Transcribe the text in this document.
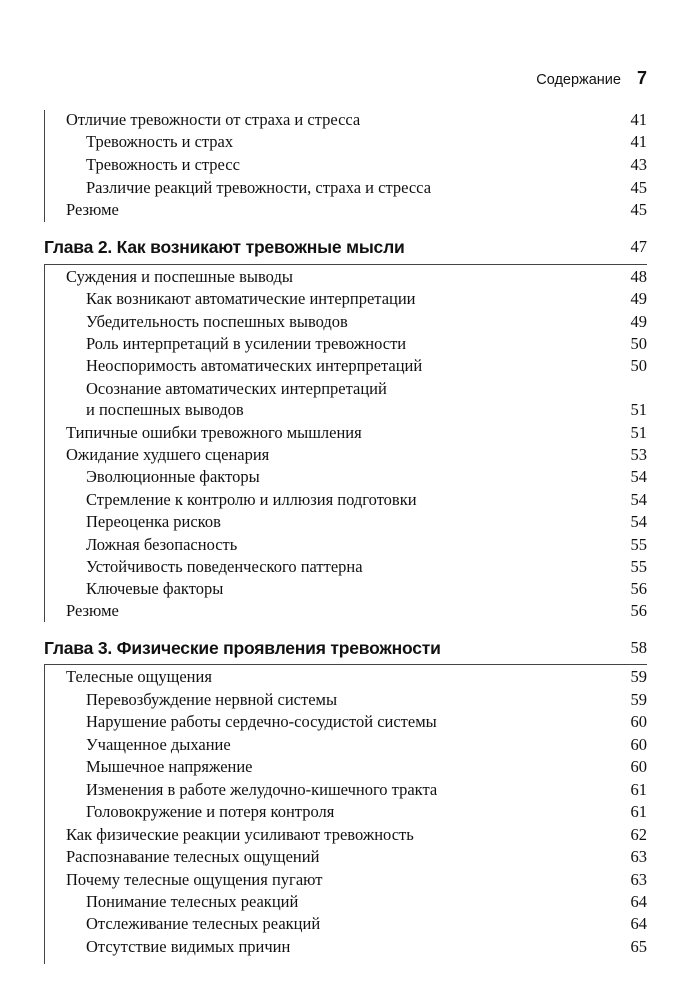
Содержание 7
Отличие тревожности от страха и стресса	41
Тревожность и страх	41
Тревожность и стресс	43
Различие реакций тревожности, страха и стресса	45
Резюме	45
Глава 2. Как возникают тревожные мысли	47
Суждения и поспешные выводы	48
Как возникают автоматические интерпретации	49
Убедительность поспешных выводов	49
Роль интерпретаций в усилении тревожности	50
Неоспоримость автоматических интерпретаций	50
Осознание автоматических интерпретаций
и поспешных выводов	51
Типичные ошибки тревожного мышления	51
Ожидание худшего сценария	53
Эволюционные факторы	54
Стремление к контролю и иллюзия подготовки	54
Переоценка рисков	54
Ложная безопасность	55
Устойчивость поведенческого паттерна	55
Ключевые факторы	56
Резюме	56
Глава 3. Физические проявления тревожности	58
Телесные ощущения	59
Перевозбуждение нервной системы	59
Нарушение работы сердечно-сосудистой системы	60
Учащенное дыхание	60
Мышечное напряжение	60
Изменения в работе желудочно-кишечного тракта	61
Головокружение и потеря контроля	61
Как физические реакции усиливают тревожность	62
Распознавание телесных ощущений	63
Почему телесные ощущения пугают	63
Понимание телесных реакций	64
Отслеживание телесных реакций	64
Отсутствие видимых причин	65
